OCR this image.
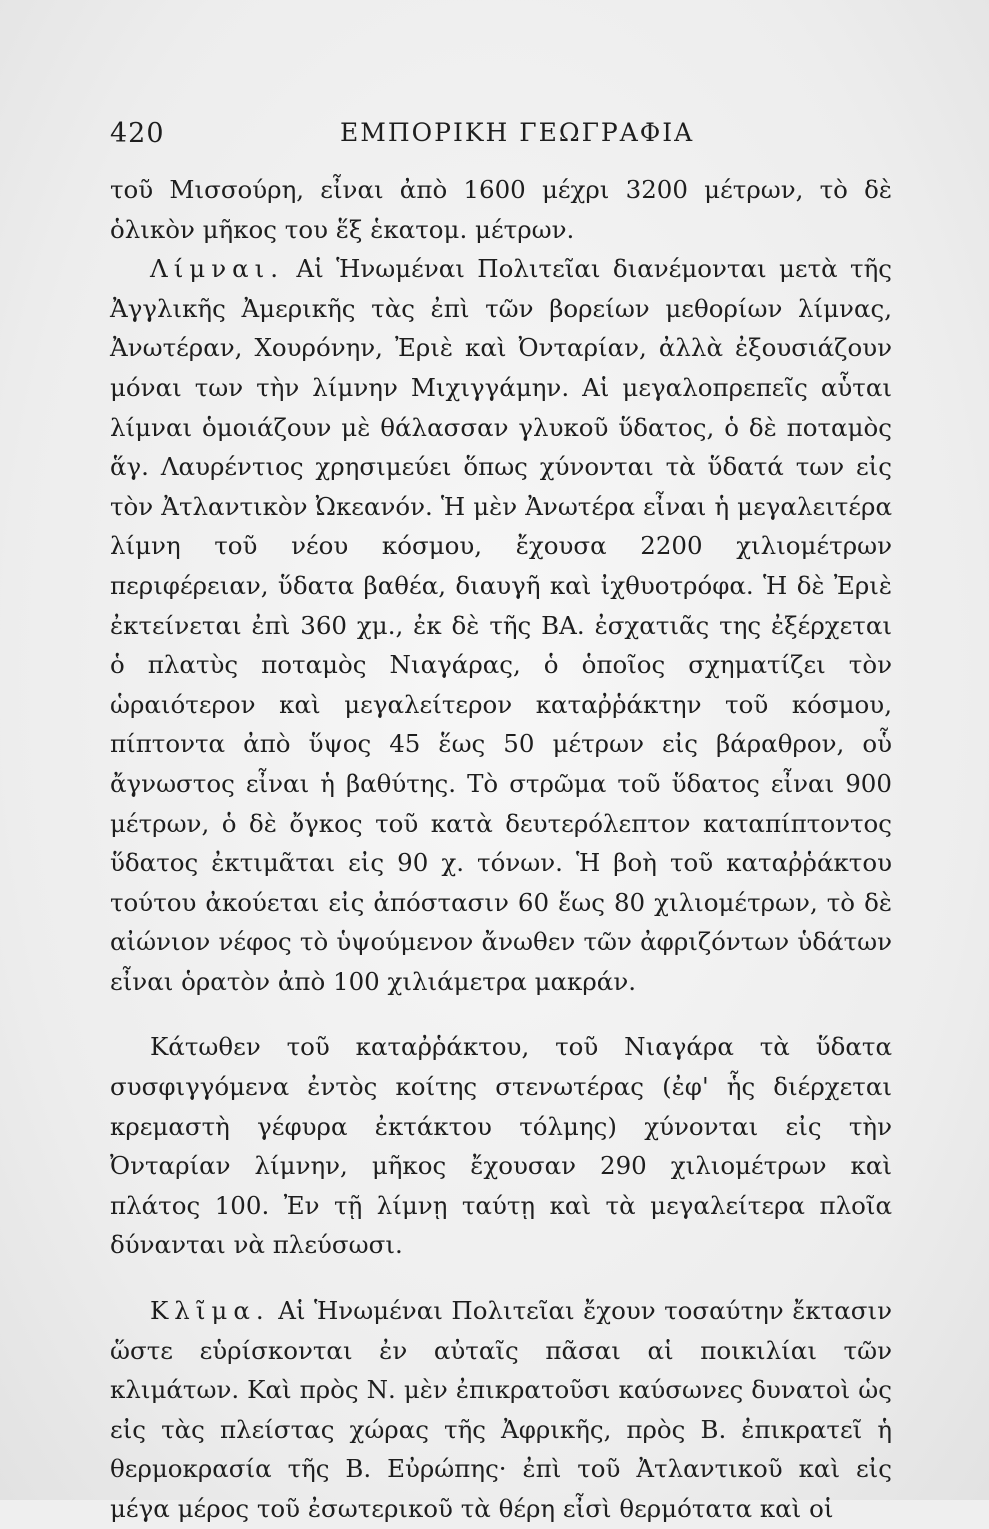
420	ΕΜΠΟΡΙΚΗ ΓΕΩΓΡΑΦΙΑ

τοῦ Μισσούρη, εἶναι ἀπὸ 1600 μέχρι 3200 μέτρων, τὸ δὲ ὁλικὸν μῆκος του ἕξ ἑκατομ. μέτρων.

Λίμναι. Αἱ Ἡνωμέναι Πολιτεῖαι διανέμονται μετὰ τῆς Ἀγγλικῆς Ἀμερικῆς τὰς ἐπὶ τῶν βορείων μεθορίων λίμνας, Ἀνωτέραν, Χουρόνην, Ἐριὲ καὶ Ὀνταρίαν, ἀλλὰ ἐξουσιάζουν μόναι των τὴν λίμνην Μιχιγγάμην. Αἱ μεγαλοπρεπεῖς αὗται λίμναι ὁμοιάζουν μὲ θάλασσαν γλυκοῦ ὕδατος, ὁ δὲ ποταμὸς ἅγ. Λαυρέντιος χρησιμεύει ὅπως χύνονται τὰ ὕδατά των εἰς τὸν Ἀτλαντικὸν Ὠκεανόν. Ἡ μὲν Ἀνωτέρα εἶναι ἡ μεγαλειτέρα λίμνη τοῦ νέου κόσμου, ἔχουσα 2200 χιλιομέτρων περιφέρειαν, ὕδατα βαθέα, διαυγῆ καὶ ἰχθυοτρόφα. Ἡ δὲ Ἐριὲ ἐκτείνεται ἐπὶ 360 χμ., ἐκ δὲ τῆς ΒΑ. ἐσχατιᾶς της ἐξέρχεται ὁ πλατὺς ποταμὸς Νιαγάρας, ὁ ὁποῖος σχηματίζει τὸν ὡραιότερον καὶ μεγαλείτερον καταῤῥάκτην τοῦ κόσμου, πίπτοντα ἀπὸ ὕψος 45 ἕως 50 μέτρων εἰς βάραθρον, οὗ ἄγνωστος εἶναι ἡ βαθύτης. Τὸ στρῶμα τοῦ ὕδατος εἶναι 900 μέτρων, ὁ δὲ ὄγκος τοῦ κατὰ δευτερόλεπτον καταπίπτοντος ὕδατος ἐκτιμᾶται εἰς 90 χ. τόνων. Ἡ βοὴ τοῦ καταῤῥάκτου τούτου ἀκούεται εἰς ἀπόστασιν 60 ἕως 80 χιλιομέτρων, τὸ δὲ αἰώνιον νέφος τὸ ὑψούμενον ἄνωθεν τῶν ἀφριζόντων ὑδάτων εἶναι ὁρατὸν ἀπὸ 100 χιλιάμετρα μακράν.

Κάτωθεν τοῦ καταῤῥάκτου, τοῦ Νιαγάρα τὰ ὕδατα συσφιγγόμενα ἐντὸς κοίτης στενωτέρας (ἐφ' ἧς διέρχεται κρεμαστὴ γέφυρα ἐκτάκτου τόλμης) χύνονται εἰς τὴν Ὀνταρίαν λίμνην, μῆκος ἔχουσαν 290 χιλιομέτρων καὶ πλάτος 100. Ἐν τῇ λίμνῃ ταύτῃ καὶ τὰ μεγαλείτερα πλοῖα δύνανται νὰ πλεύσωσι.

Κλῖμα. Αἱ Ἡνωμέναι Πολιτεῖαι ἔχουν τοσαύτην ἔκτασιν ὥστε εὑρίσκονται ἐν αὐταῖς πᾶσαι αἱ ποικιλίαι τῶν κλιμάτων. Καὶ πρὸς Ν. μὲν ἐπικρατοῦσι καύσωνες δυνατοὶ ὡς εἰς τὰς πλείστας χώρας τῆς Ἀφρικῆς, πρὸς Β. ἐπικρατεῖ ἡ θερμοκρασία τῆς Β. Εὐρώπης· ἐπὶ τοῦ Ἀτλαντικοῦ καὶ εἰς μέγα μέρος τοῦ ἐσωτερικοῦ τὰ θέρη εἶσὶ θερμότατα καὶ οἱ
